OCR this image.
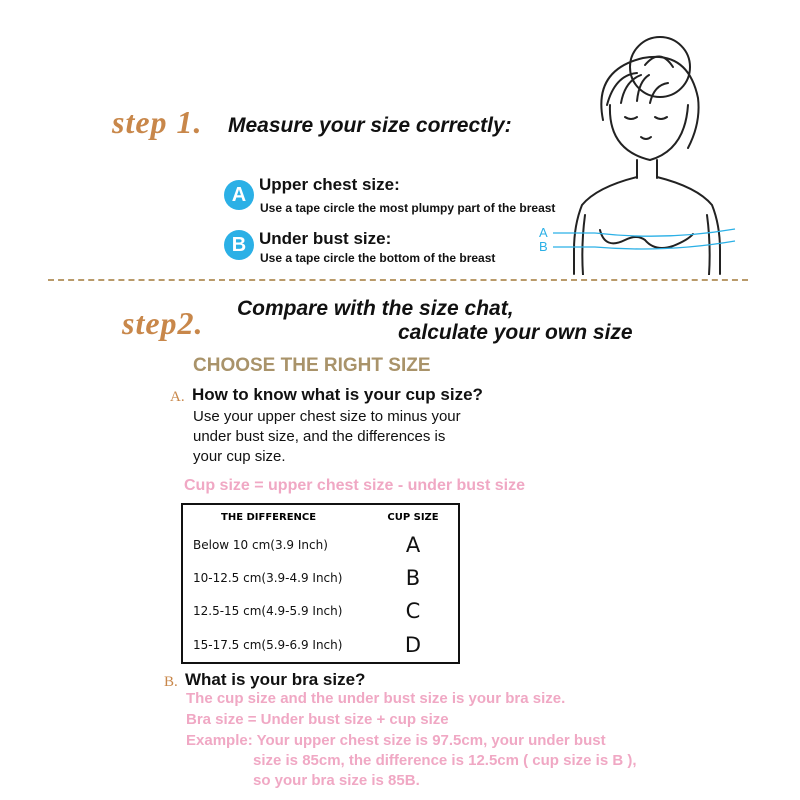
step 1. Measure your size correctly:
A Upper chest size:
Use a tape circle the most plumpy part of the breast
B Under bust size:
Use a tape circle the bottom of the breast
A
B
step2. Compare with the size chat,
calculate your own size
CHOOSE THE RIGHT SIZE
A. How to know what is your cup size?
Use your upper chest size to minus your
under bust size, and the differences is
your cup size.
Cup size = upper chest size - under bust size
THE DIFFERENCE	CUP SIZE
Below 10 cm(3.9 Inch)	A
10-12.5 cm(3.9-4.9 Inch)	B
12.5-15 cm(4.9-5.9 Inch)	C
15-17.5 cm(5.9-6.9 Inch)	D
B. What is your bra size?
The cup size and the under bust size is your bra size.
Bra size = Under bust size + cup size
Example: Your upper chest size is 97.5cm, your under bust
size is 85cm, the difference is 12.5cm ( cup size is B ),
so your bra size is 85B.
